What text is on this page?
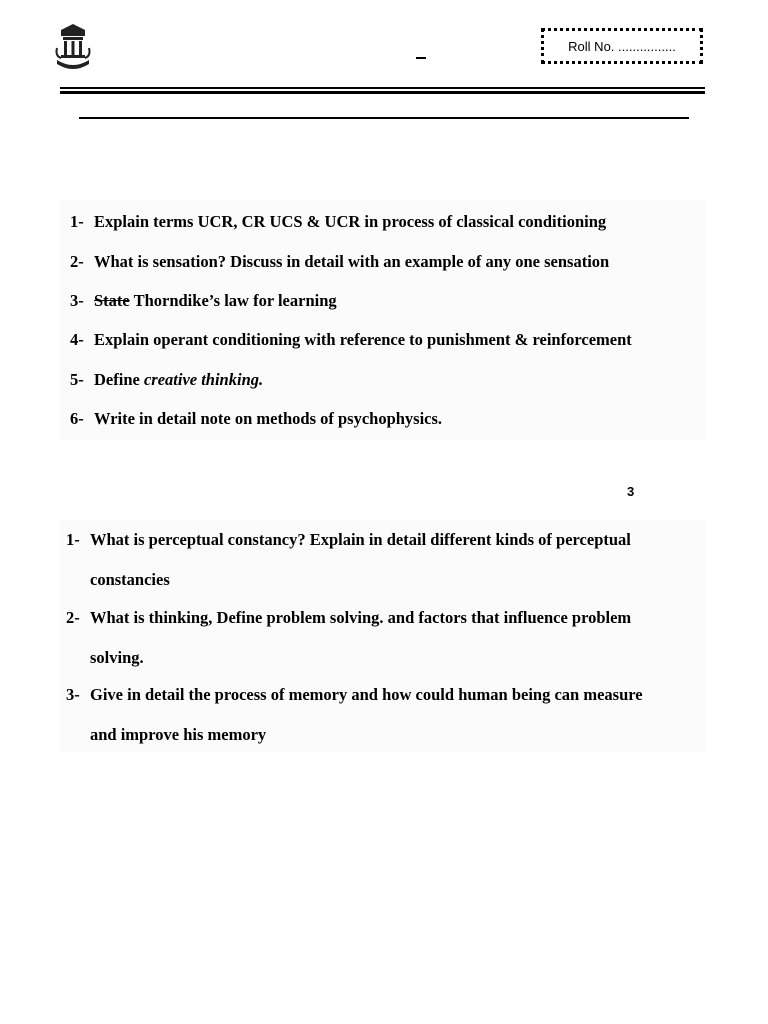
Roll No. ................
1- Explain terms UCR, CR UCS & UCR in process of classical conditioning
2- What is sensation? Discuss in detail with an example of any one sensation
3- State Thorndike’s law for learning
4- Explain operant conditioning with reference to punishment & reinforcement
5- Define creative thinking.
6- Write in detail note on methods of psychophysics.
3
1- What is perceptual constancy? Explain in detail different kinds of perceptual
constancies
2- What is thinking, Define problem solving. and factors that influence problem
solving.
3- Give in detail the process of memory and how could human being can measure
and improve his memory
